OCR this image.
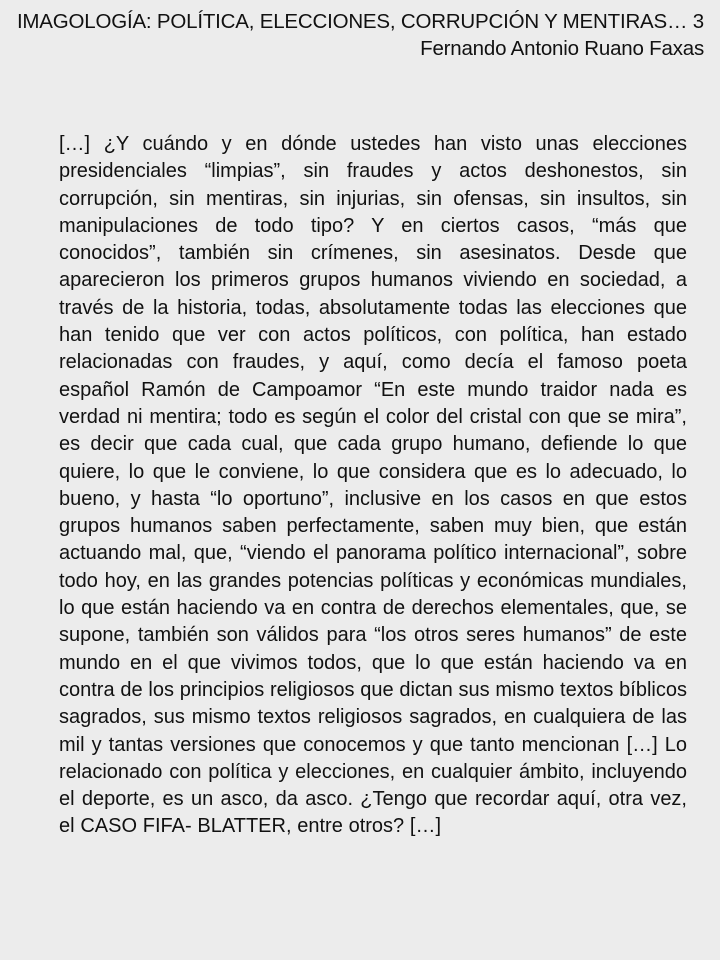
IMAGOLOGÍA: POLÍTICA, ELECCIONES, CORRUPCIÓN Y MENTIRAS… 3
Fernando Antonio Ruano Faxas
[…] ¿Y cuándo y en dónde ustedes han visto unas elecciones presidenciales “limpias”, sin fraudes y actos deshonestos, sin corrupción, sin mentiras, sin injurias, sin ofensas, sin insultos, sin manipulaciones de todo tipo? Y en ciertos casos, “más que conocidos”, también sin crímenes, sin asesinatos. Desde que aparecieron los primeros grupos humanos viviendo en sociedad, a través de la historia, todas, absolutamente todas las elecciones que han tenido que ver con actos políticos, con política, han estado relacionadas con fraudes, y aquí, como decía el famoso poeta español Ramón de Campoamor “En este mundo traidor nada es verdad ni mentira; todo es según el color del cristal con que se mira”, es decir que cada cual, que cada grupo humano, defiende lo que quiere, lo que le conviene, lo que considera que es lo adecuado, lo bueno, y hasta “lo oportuno”, inclusive en los casos en que estos grupos humanos saben perfectamente, saben muy bien, que están actuando mal, que, “viendo el panorama político internacional”, sobre todo hoy, en las grandes potencias políticas y económicas mundiales, lo que están haciendo va en contra de derechos elementales, que, se supone, también son válidos para “los otros seres humanos” de este mundo en el que vivimos todos, que lo que están haciendo va en contra de los principios religiosos que dictan sus mismo textos bíblicos sagrados, sus mismo textos religiosos sagrados, en cualquiera de las mil y tantas versiones que conocemos y que tanto mencionan […] Lo relacionado con política y elecciones, en cualquier ámbito, incluyendo el deporte, es un asco, da asco. ¿Tengo que recordar aquí, otra vez, el CASO FIFA- BLATTER, entre otros? […]
